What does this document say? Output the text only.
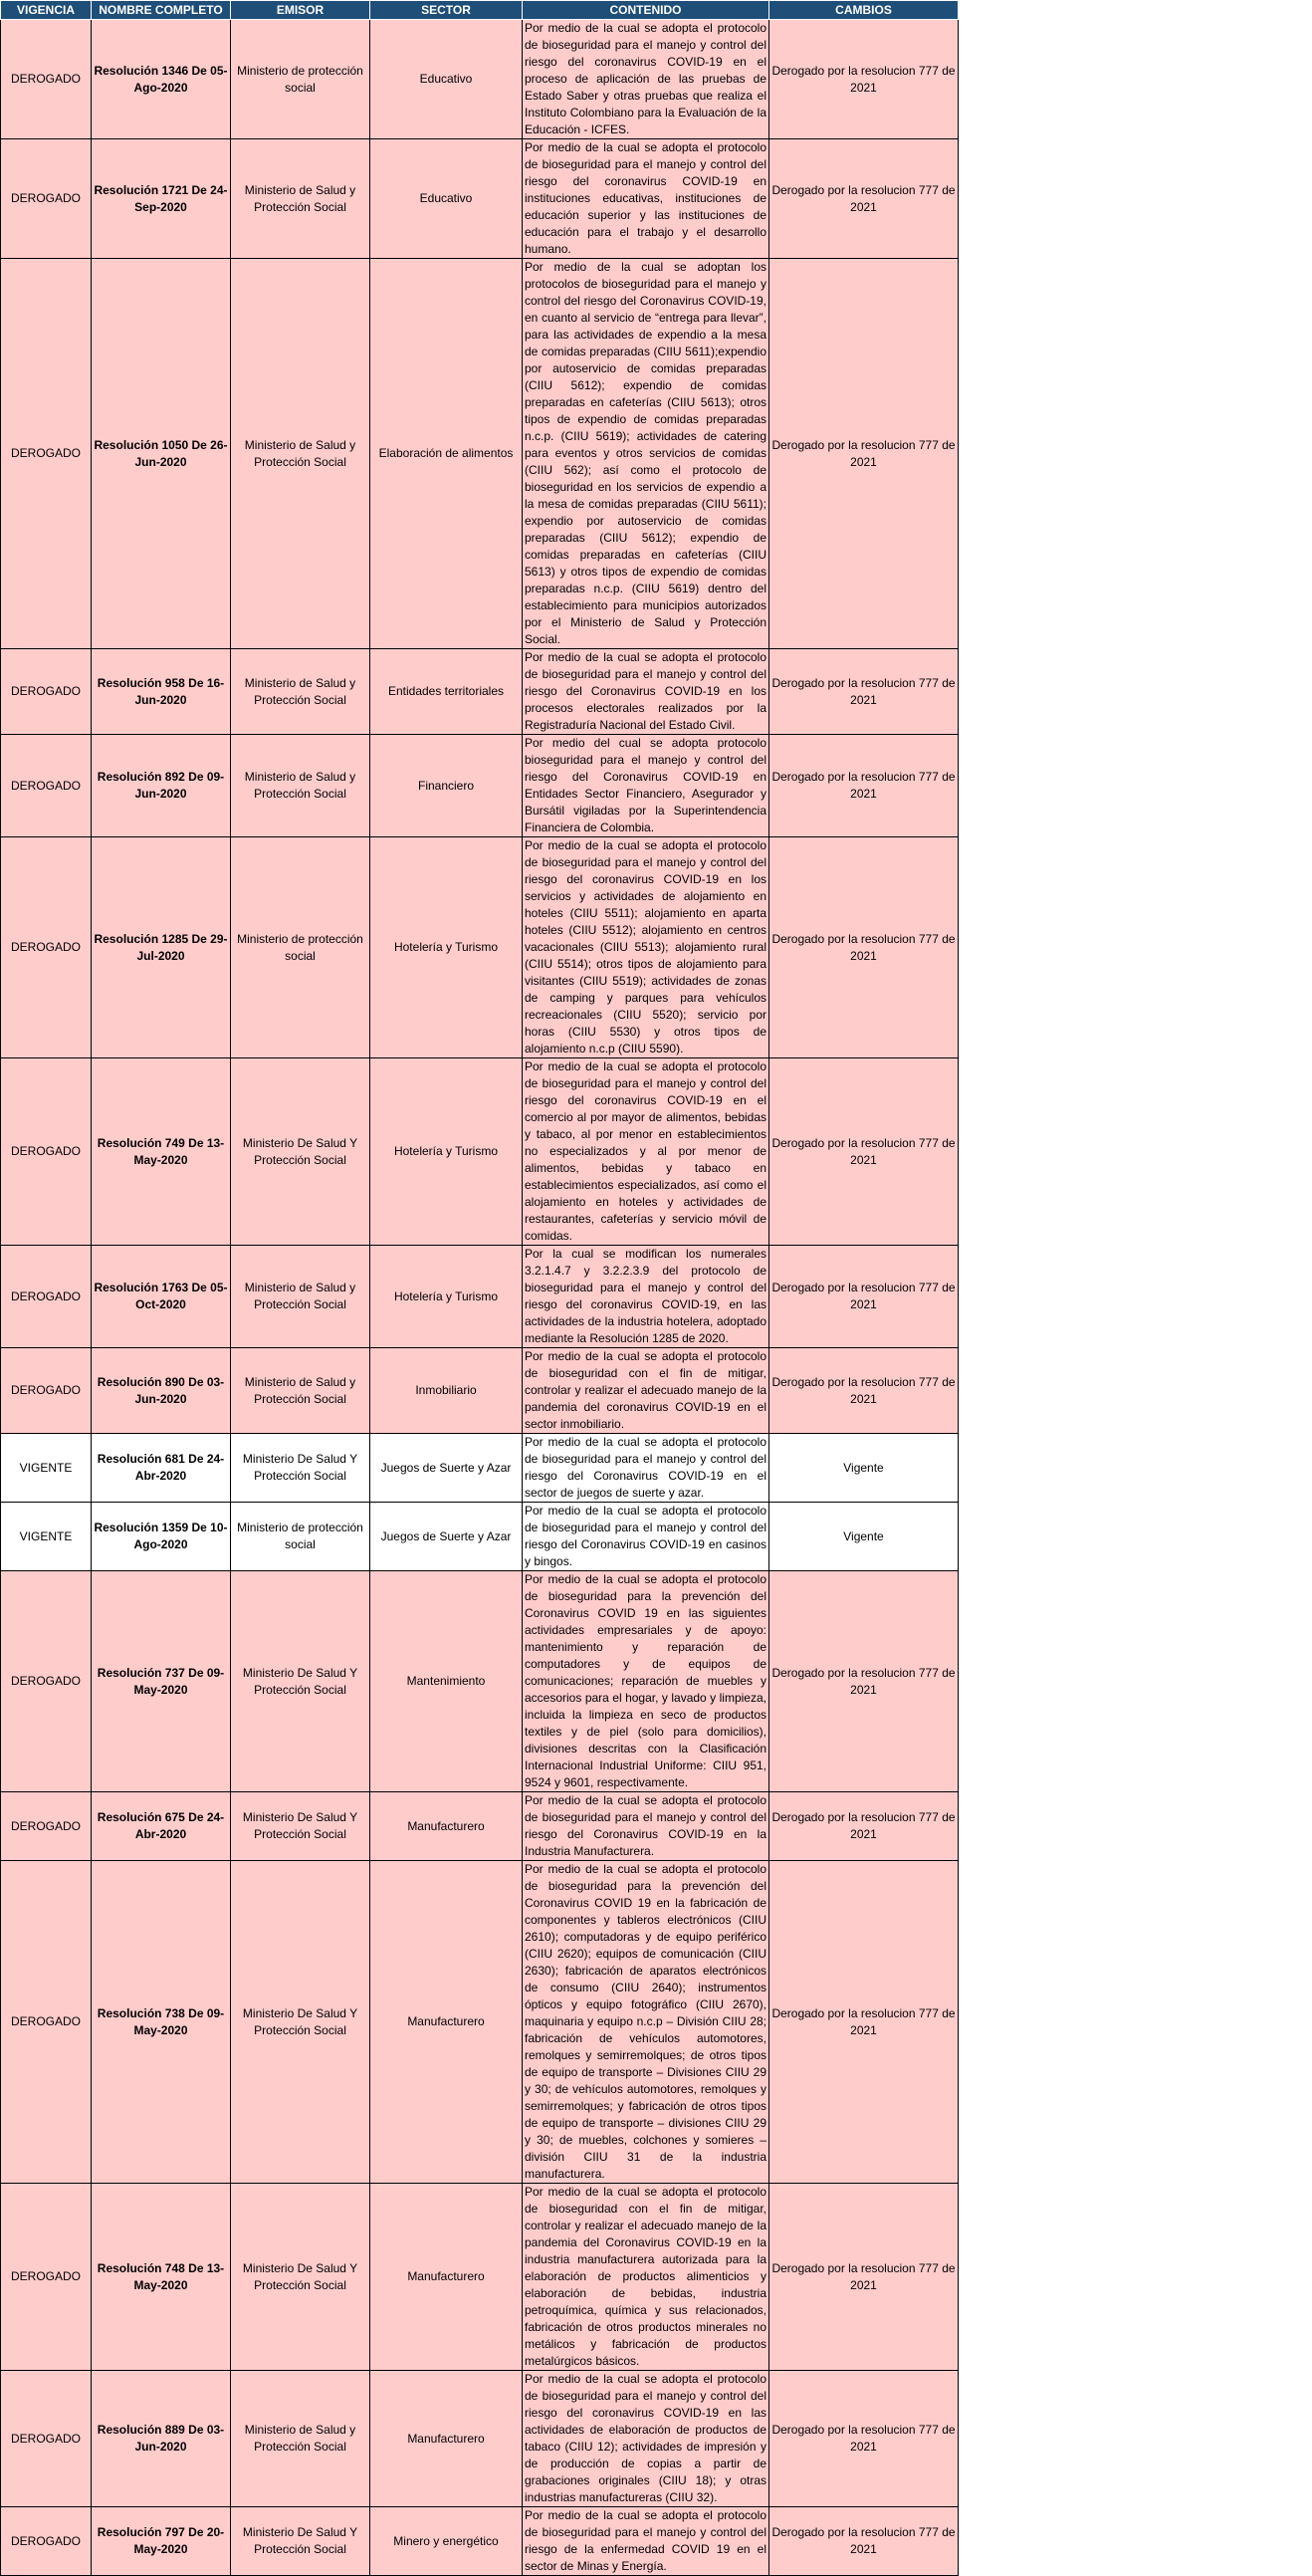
VIGENCIA	NOMBRE COMPLETO	EMISOR	SECTOR	CONTENIDO	CAMBIOS
DEROGADO	Resolución 1346 De 05-Ago-2020	Ministerio de protección social	Educativo	Por medio de la cual se adopta el protocolo de bioseguridad para el manejo y control del riesgo del coronavirus COVID-19 en el proceso de aplicación de las pruebas de Estado Saber y otras pruebas que realiza el Instituto Colombiano para la Evaluación de la Educación - ICFES.	Derogado por la resolucion 777 de 2021
DEROGADO	Resolución 1721 De 24-Sep-2020	Ministerio de Salud y Protección Social	Educativo	Por medio de la cual se adopta el protocolo de bioseguridad para el manejo y control del riesgo del coronavirus COVID-19 en instituciones educativas, instituciones de educación superior y las instituciones de educación para el trabajo y el desarrollo humano.	Derogado por la resolucion 777 de 2021
DEROGADO	Resolución 1050 De 26-Jun-2020	Ministerio de Salud y Protección Social	Elaboración de alimentos	Por medio de la cual se adoptan los protocolos de bioseguridad para el manejo y control del riesgo del Coronavirus COVID-19, en cuanto al servicio de “entrega para llevar”, para las actividades de expendio a la mesa de comidas preparadas (CIIU 5611);expendio por autoservicio de comidas preparadas (CIIU 5612); expendio de comidas preparadas en cafeterías (CIIU 5613); otros tipos de expendio de comidas preparadas n.c.p. (CIIU 5619); actividades de catering para eventos y otros servicios de comidas (CIIU 562); así como el protocolo de bioseguridad en los servicios de expendio a la mesa de comidas preparadas (CIIU 5611); expendio por autoservicio de comidas preparadas (CIIU 5612); expendio de comidas preparadas en cafeterías (CIIU 5613) y otros tipos de expendio de comidas preparadas n.c.p. (CIIU 5619) dentro del establecimiento para municipios autorizados por el Ministerio de Salud y Protección Social.	Derogado por la resolucion 777 de 2021
DEROGADO	Resolución 958 De 16-Jun-2020	Ministerio de Salud y Protección Social	Entidades territoriales	Por medio de la cual se adopta el protocolo de bioseguridad para el manejo y control del riesgo del Coronavirus COVID-19 en los procesos electorales realizados por la Registraduría Nacional del Estado Civil.	Derogado por la resolucion 777 de 2021
DEROGADO	Resolución 892 De 09-Jun-2020	Ministerio de Salud y Protección Social	Financiero	Por medio del cual se adopta protocolo bioseguridad para el manejo y control del riesgo del Coronavirus COVID-19 en Entidades Sector Financiero, Asegurador y Bursátil vigiladas por la Superintendencia Financiera de Colombia.	Derogado por la resolucion 777 de 2021
DEROGADO	Resolución 1285 De 29-Jul-2020	Ministerio de protección social	Hotelería y Turismo	Por medio de la cual se adopta el protocolo de bioseguridad para el manejo y control del riesgo del coronavirus COVID-19 en los servicios y actividades de alojamiento en hoteles (CIIU 5511); alojamiento en aparta hoteles (CIIU 5512); alojamiento en centros vacacionales (CIIU 5513); alojamiento rural (CIIU 5514); otros tipos de alojamiento para visitantes (CIIU 5519); actividades de zonas de camping y parques para vehículos recreacionales (CIIU 5520); servicio por horas (CIIU 5530) y otros tipos de alojamiento n.c.p (CIIU 5590).	Derogado por la resolucion 777 de 2021
DEROGADO	Resolución 749 De 13-May-2020	Ministerio De Salud Y Protección Social	Hotelería y Turismo	Por medio de la cual se adopta el protocolo de bioseguridad para el manejo y control del riesgo del coronavirus COVID-19 en el comercio al por mayor de alimentos, bebidas y tabaco, al por menor en establecimientos no especializados y al por menor de alimentos, bebidas y tabaco en establecimientos especializados, así como el alojamiento en hoteles y actividades de restaurantes, cafeterías y servicio móvil de comidas.	Derogado por la resolucion 777 de 2021
DEROGADO	Resolución 1763 De 05-Oct-2020	Ministerio de Salud y Protección Social	Hotelería y Turismo	Por la cual se modifican los numerales 3.2.1.4.7 y 3.2.2.3.9 del protocolo de bioseguridad para el manejo y control del riesgo del coronavirus COVID-19, en las actividades de la industria hotelera, adoptado mediante la Resolución 1285 de 2020.	Derogado por la resolucion 777 de 2021
DEROGADO	Resolución 890 De 03-Jun-2020	Ministerio de Salud y Protección Social	Inmobiliario	Por medio de la cual se adopta el protocolo de bioseguridad con el fin de mitigar, controlar y realizar el adecuado manejo de la pandemia del coronavirus COVID-19 en el sector inmobiliario.	Derogado por la resolucion 777 de 2021
VIGENTE	Resolución 681 De 24-Abr-2020	Ministerio De Salud Y Protección Social	Juegos de Suerte y Azar	Por medio de la cual se adopta el protocolo de bioseguridad para el manejo y control del riesgo del Coronavirus COVID-19 en el sector de juegos de suerte y azar.	Vigente
VIGENTE	Resolución 1359 De 10-Ago-2020	Ministerio de protección social	Juegos de Suerte y Azar	Por medio de la cual se adopta el protocolo de bioseguridad para el manejo y control del riesgo del Coronavirus COVID-19 en casinos y bingos.	Vigente
DEROGADO	Resolución 737 De 09-May-2020	Ministerio De Salud Y Protección Social	Mantenimiento	Por medio de la cual se adopta el protocolo de bioseguridad para la prevención del Coronavirus COVID 19 en las siguientes actividades empresariales y de apoyo: mantenimiento y reparación de computadores y de equipos de comunicaciones; reparación de muebles y accesorios para el hogar, y lavado y limpieza, incluida la limpieza en seco de productos textiles y de piel (solo para domicilios), divisiones descritas con la Clasificación Internacional Industrial Uniforme: CIIU 951, 9524 y 9601, respectivamente.	Derogado por la resolucion 777 de 2021
DEROGADO	Resolución 675 De 24-Abr-2020	Ministerio De Salud Y Protección Social	Manufacturero	Por medio de la cual se adopta el protocolo de bioseguridad para el manejo y control del riesgo del Coronavirus COVID-19 en la Industria Manufacturera.	Derogado por la resolucion 777 de 2021
DEROGADO	Resolución 738 De 09-May-2020	Ministerio De Salud Y Protección Social	Manufacturero	Por medio de la cual se adopta el protocolo de bioseguridad para la prevención del Coronavirus COVID 19 en la fabricación de componentes y tableros electrónicos (CIIU 2610); computadoras y de equipo periférico (CIIU 2620); equipos de comunicación (CIIU 2630); fabricación de aparatos electrónicos de consumo (CIIU 2640); instrumentos ópticos y equipo fotográfico (CIIU 2670), maquinaria y equipo n.c.p – División CIIU 28; fabricación de vehículos automotores, remolques y semirremolques; de otros tipos de equipo de transporte – Divisiones CIIU 29 y 30; de vehículos automotores, remolques y semirremolques; y fabricación de otros tipos de equipo de transporte – divisiones CIIU 29 y 30; de muebles, colchones y somieres – división CIIU 31 de la industria manufacturera.	Derogado por la resolucion 777 de 2021
DEROGADO	Resolución 748 De 13-May-2020	Ministerio De Salud Y Protección Social	Manufacturero	Por medio de la cual se adopta el protocolo de bioseguridad con el fin de mitigar, controlar y realizar el adecuado manejo de la pandemia del Coronavirus COVID-19 en la industria manufacturera autorizada para la elaboración de productos alimenticios y elaboración de bebidas, industria petroquímica, química y sus relacionados, fabricación de otros productos minerales no metálicos y fabricación de productos metalúrgicos básicos.	Derogado por la resolucion 777 de 2021
DEROGADO	Resolución 889 De 03-Jun-2020	Ministerio de Salud y Protección Social	Manufacturero	Por medio de la cual se adopta el protocolo de bioseguridad para el manejo y control del riesgo del coronavirus COVID-19 en las actividades de elaboración de productos de tabaco (CIIU 12); actividades de impresión y de producción de copias a partir de grabaciones originales (CIIU 18); y otras industrias manufactureras (CIIU 32).	Derogado por la resolucion 777 de 2021
DEROGADO	Resolución 797 De 20-May-2020	Ministerio De Salud Y Protección Social	Minero y energético	Por medio de la cual se adopta el protocolo de bioseguridad para el manejo y control del riesgo de la enfermedad COVID 19 en el sector de Minas y Energía.	Derogado por la resolucion 777 de 2021
